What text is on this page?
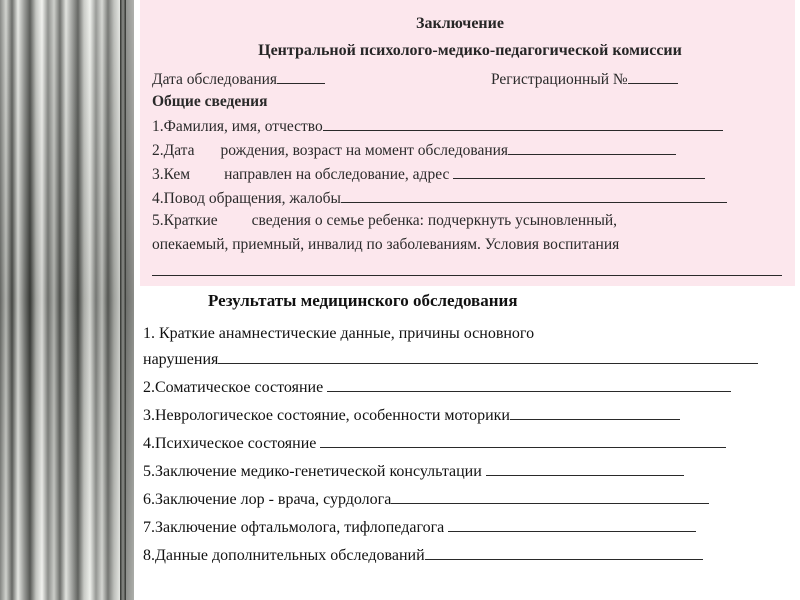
Заключение
Центральной психолого-медико-педагогической комиссии
Дата обследования	Регистрационный №
Общие сведения
1.Фамилия, имя, отчество
2.Дата рождения, возраст на момент обследования
3.Кем направлен на обследование, адрес
4.Повод обращения, жалобы
5.Краткие сведения о семье ребенка: подчеркнуть усыновленный,
опекаемый, приемный, инвалид по заболеваниям. Условия воспитания
Результаты медицинского обследования
1. Краткие анамнестические данные, причины основного
нарушения
2.Соматическое состояние
3.Неврологическое состояние, особенности моторики
4.Психическое состояние
5.Заключение медико-генетической консультации
6.Заключение лор - врача, сурдолога
7.Заключение офтальмолога, тифлопедагога
8.Данные дополнительных обследований
